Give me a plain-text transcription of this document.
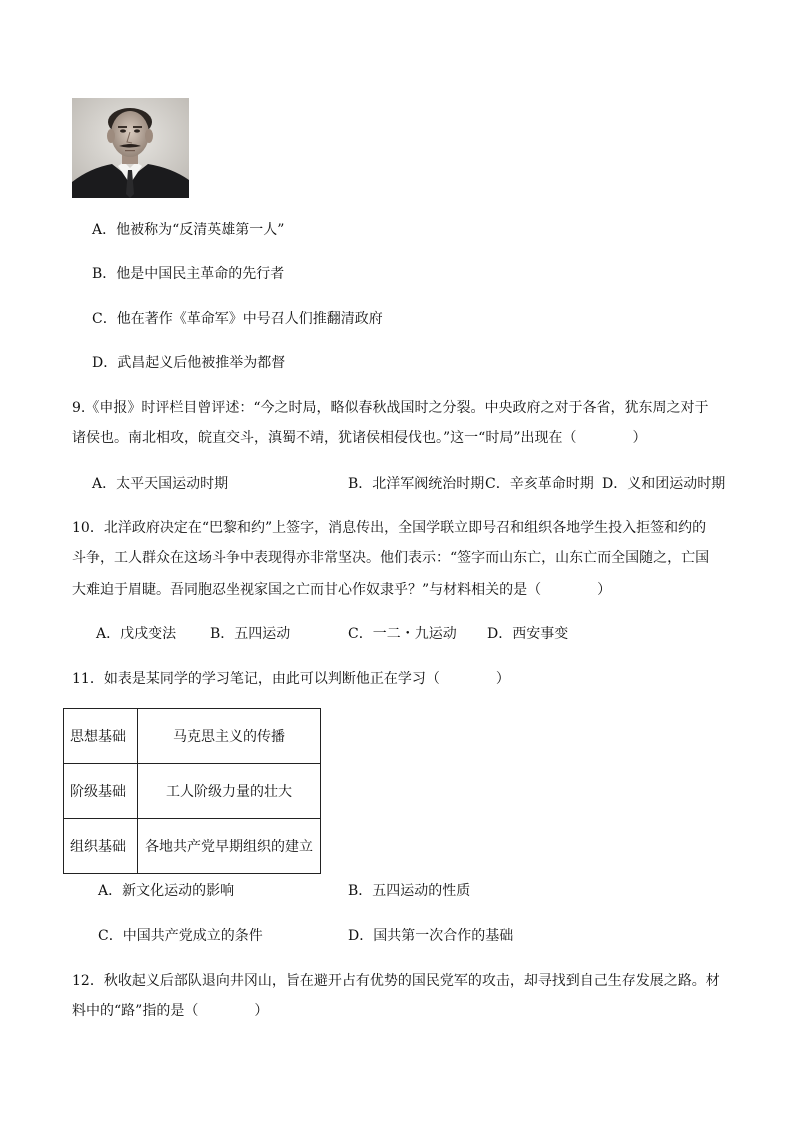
A．他被称为“反清英雄第一人”
B．他是中国民主革命的先行者
C．他在著作《革命军》中号召人们推翻清政府
D．武昌起义后他被推举为都督
9.《申报》时评栏目曾评述：“今之时局，略似春秋战国时之分裂。中央政府之对于各省，犹东周之对于
诸侯也。南北相攻，皖直交斗，滇蜀不靖，犹诸侯相侵伐也。”这一“时局”出现在（　　　　）
A．太平天国运动时期	B．北洋军阀统治时期 C．辛亥革命时期 D．义和团运动时期
10．北洋政府决定在“巴黎和约”上签字，消息传出，全国学联立即号召和组织各地学生投入拒签和约的
斗争，工人群众在这场斗争中表现得亦非常坚决。他们表示：“签字而山东亡，山东亡而全国随之，亡国
大难迫于眉睫。吾同胞忍坐视家国之亡而甘心作奴隶乎？”与材料相关的是（　　　　）
A．戊戌变法 B．五四运动	C．一二・九运动 D．西安事变
11．如表是某同学的学习笔记，由此可以判断他正在学习（　　　　）
思想基础	马克思主义的传播
阶级基础	工人阶级力量的壮大
组织基础	各地共产党早期组织的建立
A．新文化运动的影响	B．五四运动的性质
C．中国共产党成立的条件	D．国共第一次合作的基础
12．秋收起义后部队退向井冈山，旨在避开占有优势的国民党军的攻击，却寻找到自己生存发展之路。材
料中的“路”指的是（　　　　）
